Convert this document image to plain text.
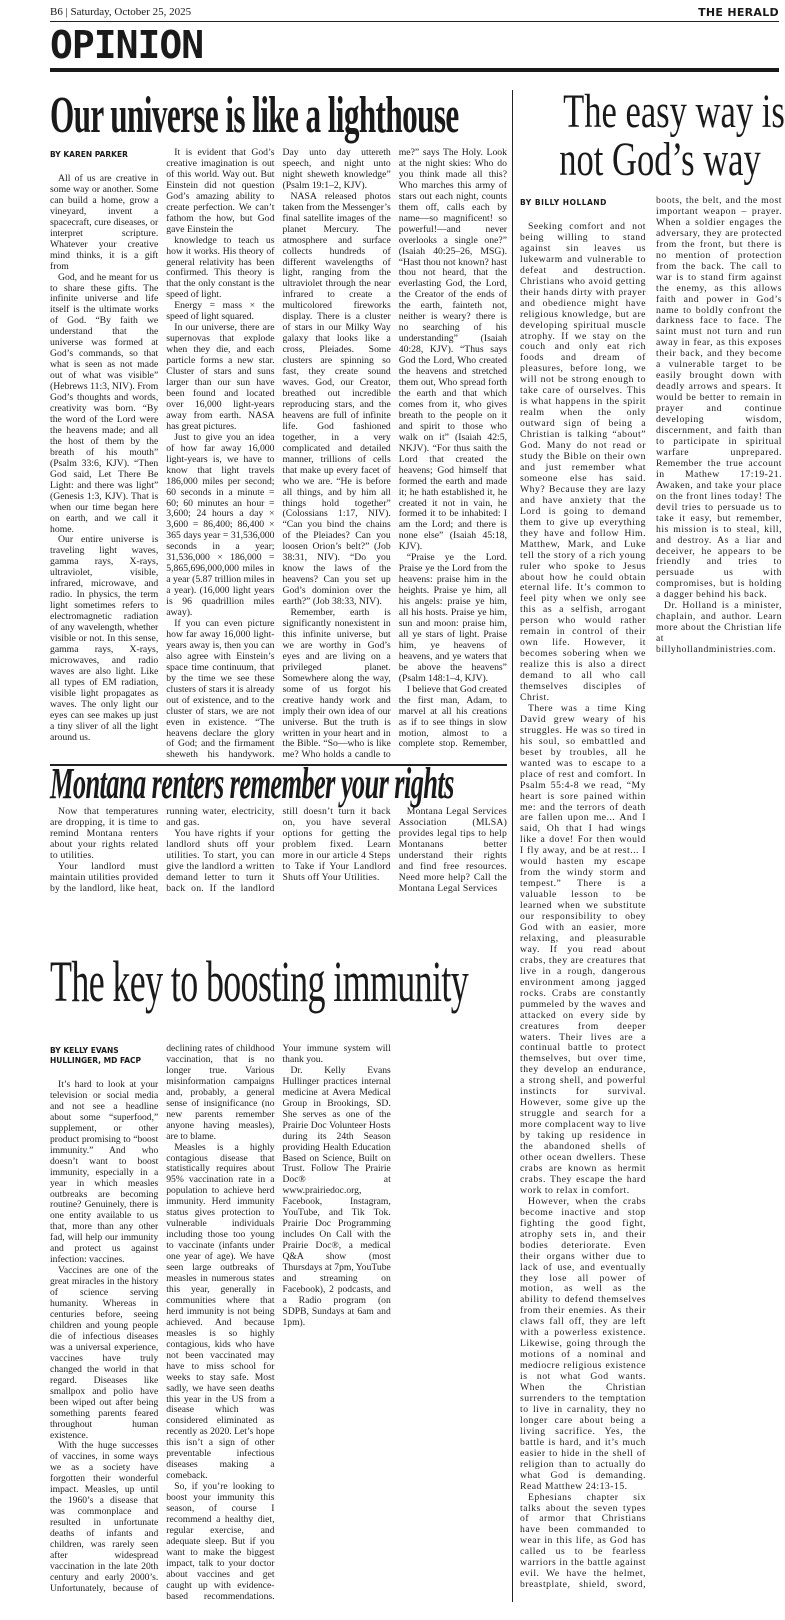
B6 | Saturday, October 25, 2025	THE HERALD
OPINION
Our universe is like a lighthouse
BY KAREN PARKER

All of us are creative in some way or another. Some can build a home, grow a vineyard, invent a spacecraft, cure diseases, or interpret scripture. Whatever your creative mind thinks, it is a gift from

God, and he meant for us to share these gifts. The infinite universe and life itself is the ultimate works of God. “By faith we understand that the universe was formed at God’s commands, so that what is seen as not made out of what was visible” (Hebrews 11:3, NIV). From God’s thoughts and words, creativity was born. “By the word of the Lord were the heavens made; and all the host of them by the breath of his mouth” (Psalm 33:6, KJV). “Then God said, Let There Be Light: and there was light” (Genesis 1:3, KJV). That is when our time began here on earth, and we call it home.

Our entire universe is traveling light waves, gamma rays, X-rays, ultraviolet, visible, infrared, microwave, and radio. In physics, the term light sometimes refers to electromagnetic radiation of any wavelength, whether visible or not. In this sense, gamma rays, X-rays, microwaves, and radio waves are also light. Like all types of EM radiation, visible light propagates as waves. The only light our eyes can see makes up just a tiny sliver of all the light around us.

It is evident that God’s creative imagination is out of this world. Way out. But Einstein did not question God’s amazing ability to create perfection. We can’t fathom the how, but God gave Einstein the

knowledge to teach us how it works. His theory of general relativity has been confirmed. This theory is that the only constant is the speed of light.

Energy = mass × the speed of light squared.

In our universe, there are supernovas that explode when they die, and each particle forms a new star. Cluster of stars and suns larger than our sun have been found and located over 16,000 light-years away from earth. NASA has great pictures.

Just to give you an idea of how far away 16,000 light-years is, we have to know that light travels 186,000 miles per second; 60 seconds in a minute = 60; 60 minutes an hour = 3,600; 24 hours a day × 3,600 = 86,400; 86,400 × 365 days year = 31,536,000 seconds in a year; 31,536,000 × 186,000 = 5,865,696,000,000 miles in a year (5.87 trillion miles in a year). (16,000 light years is 96 quadrillion miles away).

If you can even picture how far away 16,000 light-years away is, then you can also agree with Einstein’s space time continuum, that by the time we see these clusters of stars it is already out of existence, and to the cluster of stars, we are not even in existence. “The heavens declare the glory of God; and the firmament sheweth his handywork. Day unto day uttereth speech, and night unto night sheweth knowledge” (Psalm 19:1–2, KJV).

NASA released photos taken from the Messenger’s final satellite images of the planet Mercury. The atmosphere and surface collects hundreds of different wavelengths of light, ranging from the ultraviolet through the near infrared to create a multicolored fireworks display. There is a cluster of stars in our Milky Way galaxy that looks like a cross, Pleiades. Some clusters are spinning so fast, they create sound waves. God, our Creator, breathed out incredible reproducing stars, and the heavens are full of infinite life. God fashioned together, in a very complicated and detailed manner, trillions of cells that make up every facet of who we are. “He is before all things, and by him all things hold together” (Colossians 1:17, NIV). “Can you bind the chains of the Pleiades? Can you loosen Orion’s belt?” (Job 38:31, NIV). “Do you know the laws of the heavens? Can you set up God’s dominion over the earth?” (Job 38:33, NIV).

Remember, earth is significantly nonexistent in this infinite universe, but we are worthy in God’s eyes and are living on a privileged planet. Somewhere along the way, some of us forgot his creative handy work and imply their own idea of our universe. But the truth is written in your heart and in the Bible. “So—who is like me? Who holds a candle to me?” says The Holy. Look at the night skies: Who do you think made all this? Who marches this army of stars out each night, counts them off, calls each by name—so magnificent! so powerful!—and never overlooks a single one?” (Isaiah 40:25–26, MSG). “Hast thou not known? hast thou not heard, that the everlasting God, the Lord, the Creator of the ends of the earth, fainteth not, neither is weary? there is no searching of his understanding” (Isaiah 40:28, KJV). “Thus says God the Lord, Who created the heavens and stretched them out, Who spread forth the earth and that which comes from it, who gives breath to the people on it and spirit to those who walk on it” (Isaiah 42:5, NKJV). “For thus saith the Lord that created the heavens; God himself that formed the earth and made it; he hath established it, he created it not in vain, he formed it to be inhabited: I am the Lord; and there is none else” (Isaiah 45:18, KJV).

“Praise ye the Lord. Praise ye the Lord from the heavens: praise him in the heights. Praise ye him, all his angels: praise ye him, all his hosts. Praise ye him, sun and moon: praise him, all ye stars of light. Praise him, ye heavens of heavens, and ye waters that be above the heavens” (Psalm 148:1–4, KJV).

I believe that God created the first man, Adam, to marvel at all his creations as if to see things in slow motion, almost to a complete stop. Remember,

Montana renters remember your rights

Now that temperatures are dropping, it is time to remind Montana renters about your rights related to utilities.

Your landlord must maintain utilities provided by the landlord, like heat, running water, electricity, and gas.

You have rights if your landlord shuts off your utilities. To start, you can give the landlord a written demand letter to turn it back on. If the landlord still doesn’t turn it back on, you have several options for getting the problem fixed. Learn more in our article 4 Steps to Take if Your Landlord Shuts off Your Utilities.

Montana Legal Services Association (MLSA) provides legal tips to help Montanans better understand their rights and find free resources. Need more help? Call the Montana Legal Services

The key to boosting immunity
BY KELLY EVANS HULLINGER, MD FACP

It’s hard to look at your television or social media and not see a headline about some “superfood,” supplement, or other product promising to “boost immunity.” And who doesn’t want to boost immunity, especially in a year in which measles outbreaks are becoming routine? Genuinely, there is one entity available to us that, more than any other fad, will help our immunity and protect us against infection: vaccines.

Vaccines are one of the great miracles in the history of science serving humanity. Whereas in centuries before, seeing children and young people die of infectious diseases was a universal experience, vaccines have truly changed the world in that regard. Diseases like smallpox and polio have been wiped out after being something parents feared throughout human existence.

With the huge successes of vaccines, in some ways we as a society have forgotten their wonderful impact. Measles, up until the 1960’s a disease that was commonplace and resulted in unfortunate deaths of infants and children, was rarely seen after widespread vaccination in the late 20th century and early 2000’s. Unfortunately, because of declining rates of childhood vaccination, that is no longer true. Various misinformation campaigns and, probably, a general sense of insignificance (no new parents remember anyone having measles), are to blame.

Measles is a highly contagious disease that statistically requires about 95% vaccination rate in a population to achieve herd immunity. Herd immunity status gives protection to vulnerable individuals including those too young to vaccinate (infants under one year of age). We have seen large outbreaks of measles in numerous states this year, generally in communities where that herd immunity is not being achieved. And because measles is so highly contagious, kids who have not been vaccinated may have to miss school for weeks to stay safe. Most sadly, we have seen deaths this year in the US from a disease which was considered eliminated as recently as 2020. Let’s hope this isn’t a sign of other preventable infectious diseases making a comeback.

So, if you’re looking to boost your immunity this season, of course I recommend a healthy diet, regular exercise, and adequate sleep. But if you want to make the biggest impact, talk to your doctor about vaccines and get caught up with evidence-based recommendations. Your immune system will thank you.

Dr. Kelly Evans Hullinger practices internal medicine at Avera Medical Group in Brookings, SD. She serves as one of the Prairie Doc Volunteer Hosts during its 24th Season providing Health Education Based on Science, Built on Trust. Follow The Prairie Doc® at www.prairiedoc.org, Facebook, Instagram, YouTube, and Tik Tok. Prairie Doc Programming includes On Call with the Prairie Doc®, a medical Q&A show (most Thursdays at 7pm, YouTube and streaming on Facebook), 2 podcasts, and a Radio program (on SDPB, Sundays at 6am and 1pm).

The easy way is
not God’s way
BY BILLY HOLLAND

Seeking comfort and not being willing to stand against sin leaves us lukewarm and vulnerable to defeat and destruction. Christians who avoid getting their hands dirty with prayer and obedience might have religious knowledge, but are developing spiritual muscle atrophy. If we stay on the couch and only eat rich foods and dream of pleasures, before long, we will not be strong enough to take care of ourselves. This is what happens in the spirit realm when the only outward sign of being a Christian is talking “about” God. Many do not read or study the Bible on their own and just remember what someone else has said. Why? Because they are lazy and have anxiety that the Lord is going to demand them to give up everything they have and follow Him. Matthew, Mark, and Luke tell the story of a rich young ruler who spoke to Jesus about how he could obtain eternal life. It’s common to feel pity when we only see this as a selfish, arrogant person who would rather remain in control of their own life. However, it becomes sobering when we realize this is also a direct demand to all who call themselves disciples of Christ.

There was a time King David grew weary of his struggles. He was so tired in his soul, so embattled and beset by troubles, all he wanted was to escape to a place of rest and comfort. In Psalm 55:4-8 we read, “My heart is sore pained within me: and the terrors of death are fallen upon me... And I said, Oh that I had wings like a dove! For then would I fly away, and be at rest... I would hasten my escape from the windy storm and tempest.” There is a valuable lesson to be learned when we substitute our responsibility to obey God with an easier, more relaxing, and pleasurable way. If you read about crabs, they are creatures that live in a rough, dangerous environment among jagged rocks. Crabs are constantly pummeled by the waves and attacked on every side by creatures from deeper waters. Their lives are a continual battle to protect themselves, but over time, they develop an endurance, a strong shell, and powerful instincts for survival. However, some give up the struggle and search for a more complacent way to live by taking up residence in the abandoned shells of other ocean dwellers. These crabs are known as hermit crabs. They escape the hard work to relax in comfort.

However, when the crabs become inactive and stop fighting the good fight, atrophy sets in, and their bodies deteriorate. Even their organs wither due to lack of use, and eventually they lose all power of motion, as well as the ability to defend themselves from their enemies. As their claws fall off, they are left with a powerless existence. Likewise, going through the motions of a nominal and mediocre religious existence is not what God wants. When the Christian surrenders to the temptation to live in carnality, they no longer care about being a living sacrifice. Yes, the battle is hard, and it’s much easier to hide in the shell of religion than to actually do what God is demanding. Read Matthew 24:13-15.

Ephesians chapter six talks about the seven types of armor that Christians have been commanded to wear in this life, as God has called us to be fearless warriors in the battle against evil. We have the helmet, breastplate, shield, sword, boots, the belt, and the most important weapon – prayer. When a soldier engages the adversary, they are protected from the front, but there is no mention of protection from the back. The call to war is to stand firm against the enemy, as this allows faith and power in God’s name to boldly confront the darkness face to face. The saint must not turn and run away in fear, as this exposes their back, and they become a vulnerable target to be easily brought down with deadly arrows and spears. It would be better to remain in prayer and continue developing wisdom, discernment, and faith than to participate in spiritual warfare unprepared. Remember the true account in Mathew 17:19-21. Awaken, and take your place on the front lines today! The devil tries to persuade us to take it easy, but remember, his mission is to steal, kill, and destroy. As a liar and deceiver, he appears to be friendly and tries to persuade us with compromises, but is holding a dagger behind his back.

Dr. Holland is a minister, chaplain, and author. Learn more about the Christian life at billyhollandministries.com.
